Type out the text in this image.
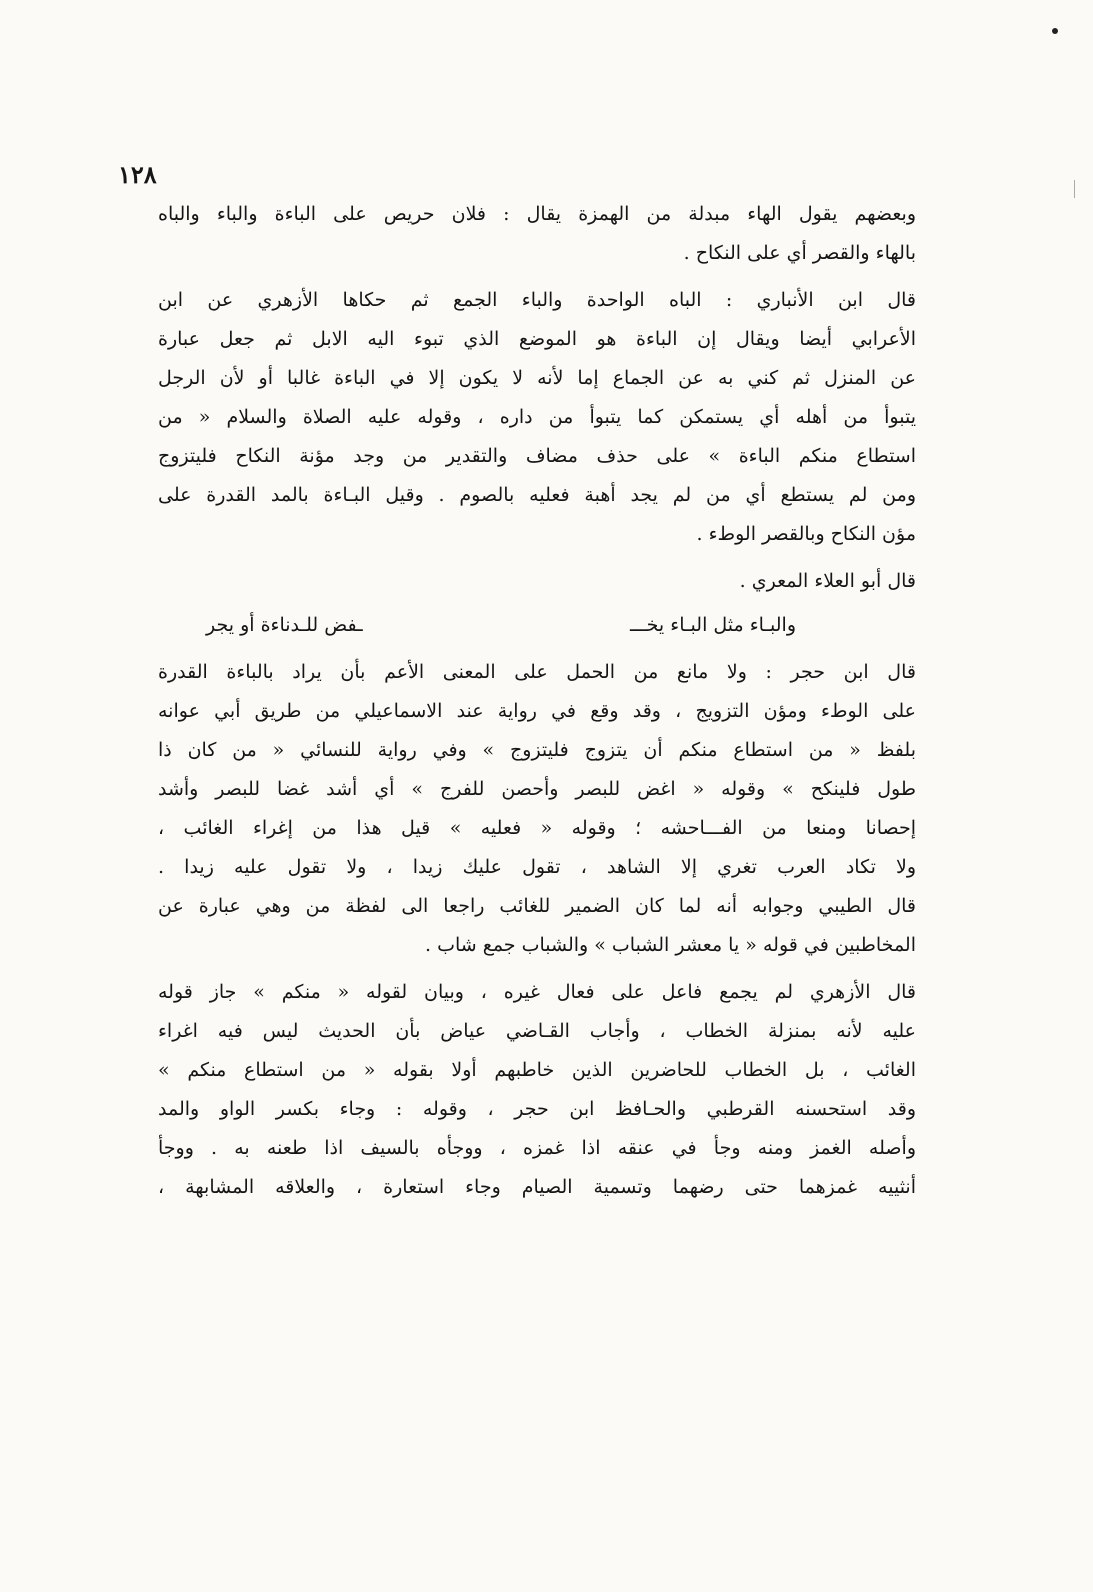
١٢٨
وبعضهم يقول الهاء مبدلة من الهمزة يقال : فلان حريص على الباءة والباء والباه
بالهاء والقصر أي على النكاح .
قال ابن الأنباري : الباه الواحدة والباء الجمع ثم حكاها الأزهري عن ابن
الأعرابي أيضا ويقال إن الباءة هو الموضع الذي تبوء اليه الابل ثم جعل عبارة
عن المنزل ثم كني به عن الجماع إما لأنه لا يكون إلا في الباءة غالبا أو لأن الرجل
يتبوأ من أهله أي يستمكن كما يتبوأ من داره ، وقوله عليه الصلاة والسلام « من
استطاع منكم الباءة » على حذف مضاف والتقدير من وجد مؤنة النكاح فليتزوج
ومن لم يستطع أي من لم يجد أهبة فعليه بالصوم . وقيل البـاءة بالمد القدرة على
مؤن النكاح وبالقصر الوطء .
قال أبو العلاء المعري .
والبـاء مثل البـاء يخـــ
ـفض للـدناءة أو يجر
قال ابن حجر : ولا مانع من الحمل على المعنى الأعم بأن يراد بالباءة القدرة
على الوطء ومؤن التزويج ، وقد وقع في رواية عند الاسماعيلي من طريق أبي عوانه
بلفظ « من استطاع منكم أن يتزوج فليتزوج » وفي رواية للنسائي « من كان ذا
طول فلينكح » وقوله « اغض للبصر وأحصن للفرج » أي أشد غضا للبصر وأشد
إحصانا ومنعا من الفـــاحشه ؛ وقوله « فعليه » قيل هذا من إغراء الغائب ،
ولا تكاد العرب تغري إلا الشاهد ، تقول عليك زيدا ، ولا تقول عليه زيدا .
قال الطيبي وجوابه أنه لما كان الضمير للغائب راجعا الى لفظة من وهي عبارة عن
المخاطبين في قوله « يا معشر الشباب » والشباب جمع شاب .
قال الأزهري لم يجمع فاعل على فعال غيره ، وبيان لقوله « منكم » جاز قوله
عليه لأنه بمنزلة الخطاب ، وأجاب القـاضي عياض بأن الحديث ليس فيه اغراء
الغائب ، بل الخطاب للحاضرين الذين خاطبهم أولا بقوله « من استطاع منكم »
وقد استحسنه القرطبي والحـافظ ابن حجر ، وقوله : وجاء بكسر الواو والمد
وأصله الغمز ومنه وجأ في عنقه اذا غمزه ، ووجأه بالسيف اذا طعنه به . ووجأ
أنثييه غمزهما حتى رضهما وتسمية الصيام وجاء استعارة ، والعلاقه المشابهة ،
